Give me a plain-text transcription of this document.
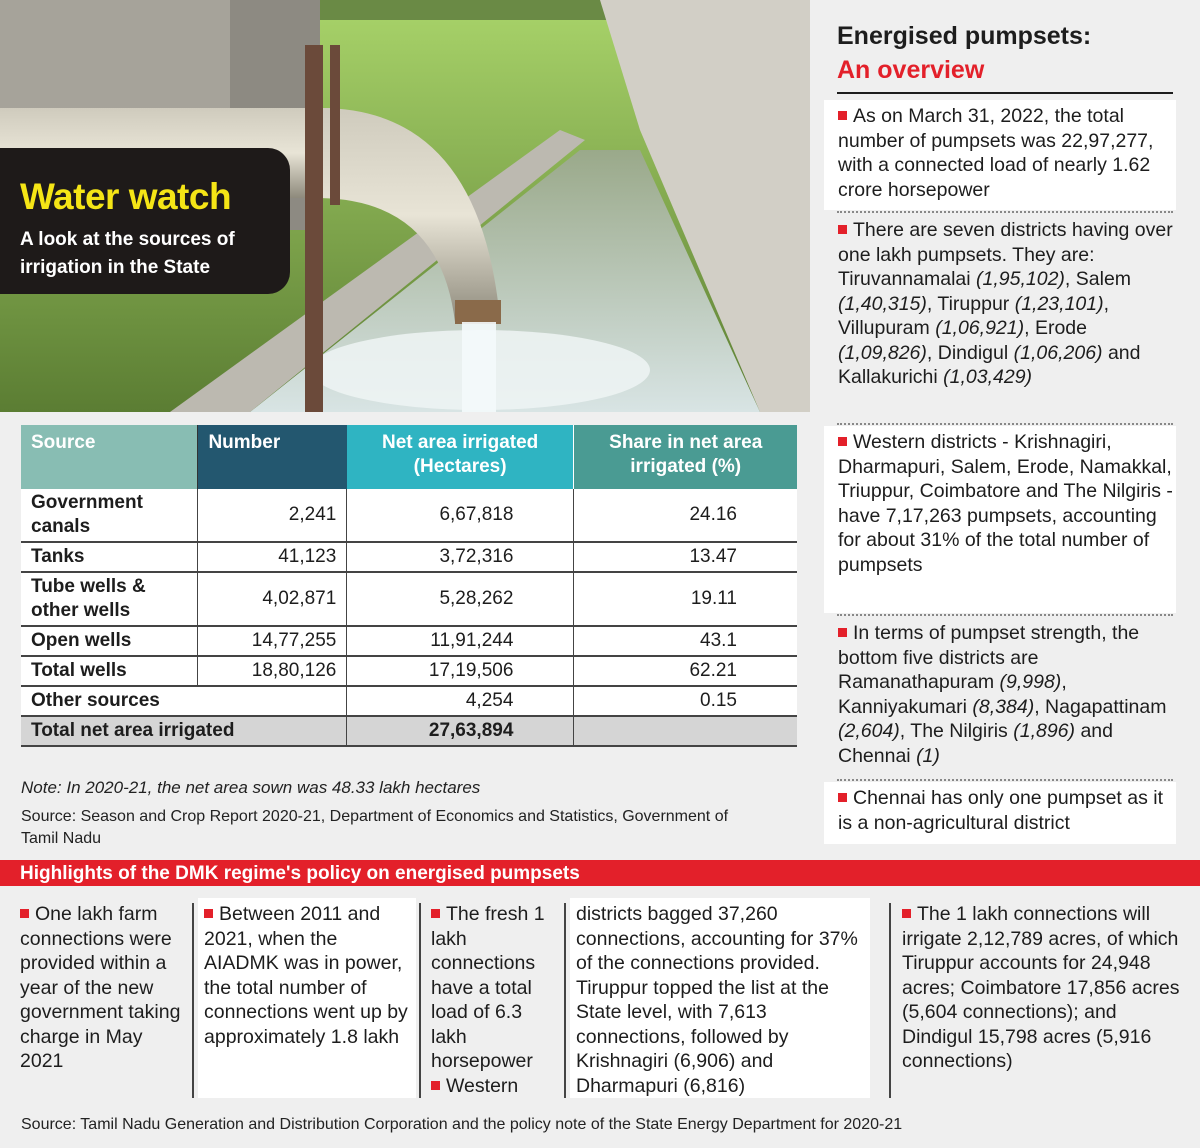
Water watch
A look at the sources of irrigation in the State
Source	Number	Net area irrigated (Hectares)	Share in net area irrigated (%)
Government canals	2,241	6,67,818	24.16
Tanks	41,123	3,72,316	13.47
Tube wells & other wells	4,02,871	5,28,262	19.11
Open wells	14,77,255	11,91,244	43.1
Total wells	18,80,126	17,19,506	62.21
Other sources		4,254	0.15
Total net area irrigated		27,63,894	
Note: In 2020-21, the net area sown was 48.33 lakh hectares
Source: Season and Crop Report 2020-21, Department of Economics and Statistics, Government of Tamil Nadu
Energised pumpsets:
An overview
As on March 31, 2022, the total number of pumpsets was 22,97,277, with a connected load of nearly 1.62 crore horsepower
There are seven districts having over one lakh pumpsets. They are: Tiruvannamalai (1,95,102), Salem (1,40,315), Tiruppur (1,23,101), Villupuram (1,06,921), Erode (1,09,826), Dindigul (1,06,206) and Kallakurichi (1,03,429)
Western districts - Krishnagiri, Dharmapuri, Salem, Erode, Namakkal, Triuppur, Coimbatore and The Nilgiris - have 7,17,263 pumpsets, accounting for about 31% of the total number of pumpsets
In terms of pumpset strength, the bottom five districts are Ramanathapuram (9,998), Kanniyakumari (8,384), Nagapattinam (2,604), The Nilgiris (1,896) and Chennai (1)
Chennai has only one pumpset as it is a non-agricultural district
Highlights of the DMK regime's policy on energised pumpsets
One lakh farm connections were provided within a year of the new government taking charge in May 2021
Between 2011 and 2021, when the AIADMK was in power, the total number of connections went up by approximately 1.8 lakh
The fresh 1 lakh connections have a total load of 6.3 lakh horsepower
Western
districts bagged 37,260 connections, accounting for 37% of the connections provided. Tiruppur topped the list at the State level, with 7,613 connections, followed by Krishnagiri (6,906) and Dharmapuri (6,816)
The 1 lakh connections will irrigate 2,12,789 acres, of which Tiruppur accounts for 24,948 acres; Coimbatore 17,856 acres (5,604 connections); and Dindigul 15,798 acres (5,916 connections)
Source: Tamil Nadu Generation and Distribution Corporation and the policy note of the State Energy Department for 2020-21
